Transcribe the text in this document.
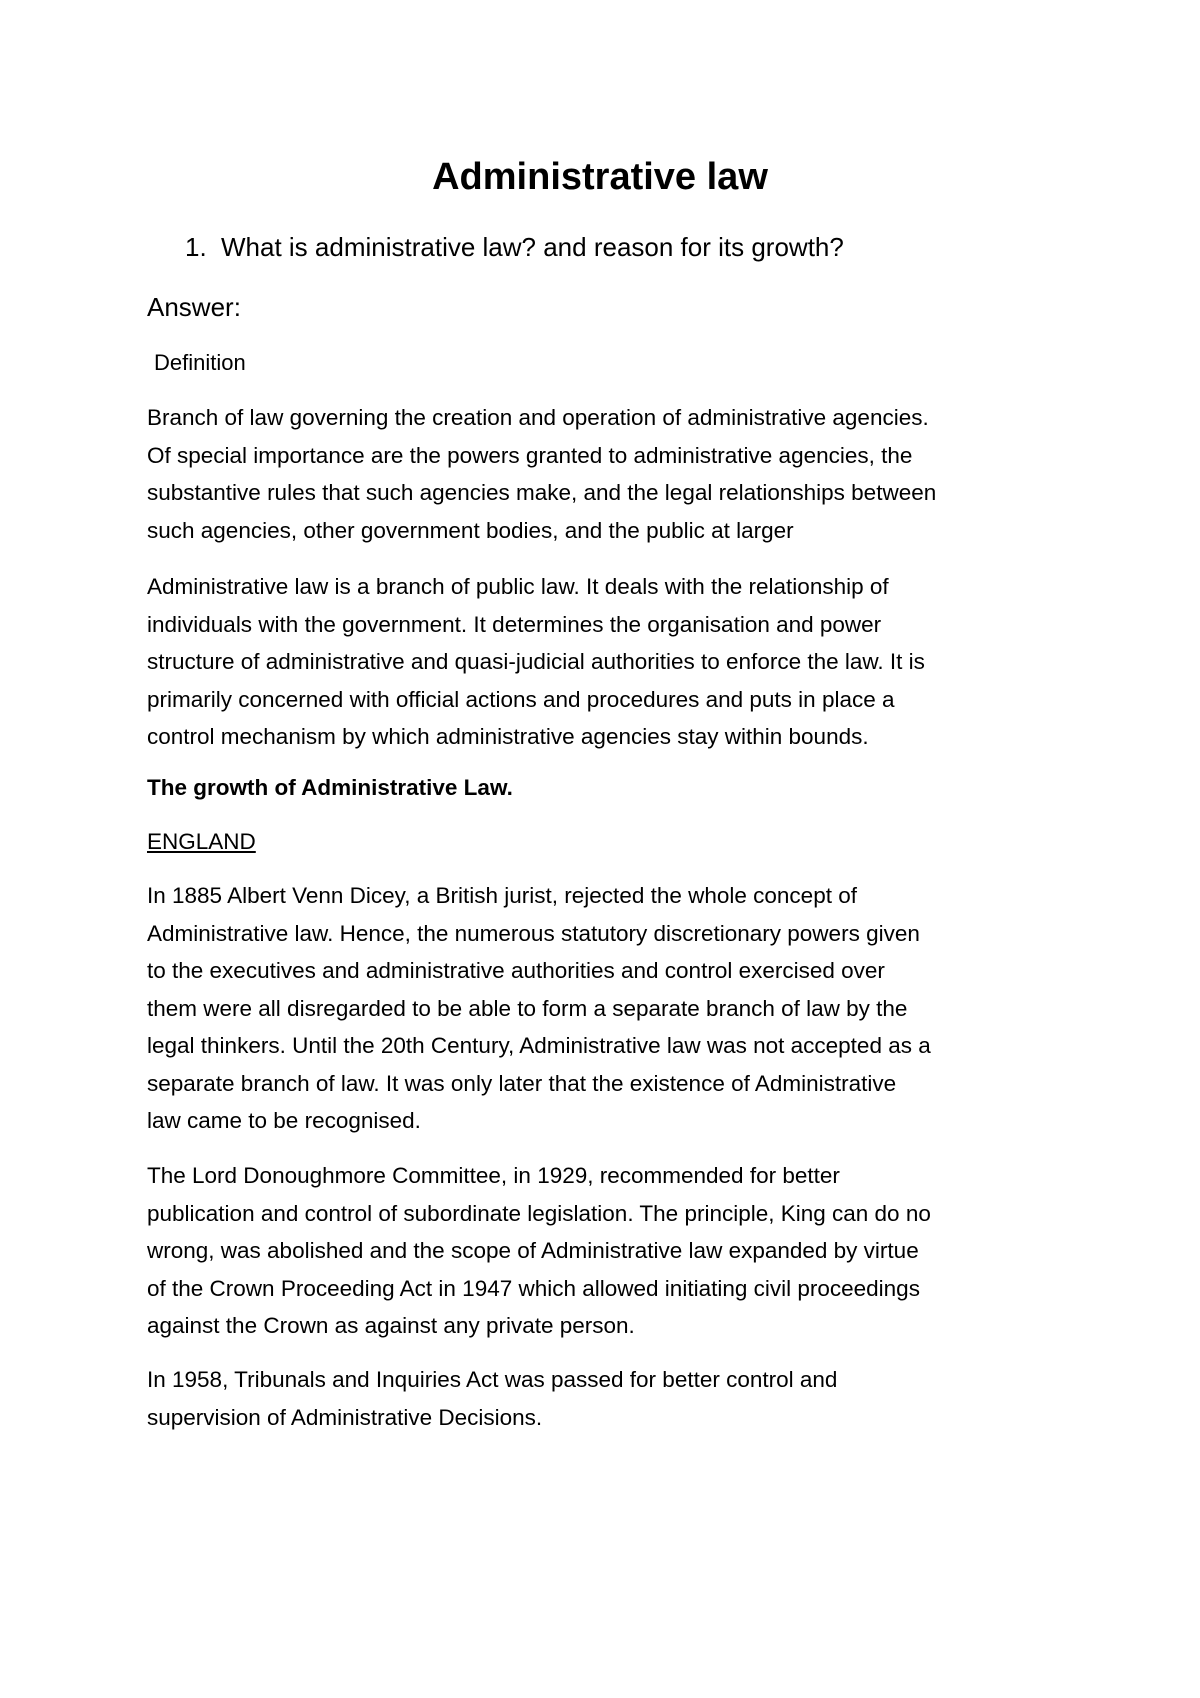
Administrative law

1. What is administrative law? and reason for its growth?

Answer:

Definition

Branch of law governing the creation and operation of administrative agencies.
Of special importance are the powers granted to administrative agencies, the
substantive rules that such agencies make, and the legal relationships between
such agencies, other government bodies, and the public at larger

Administrative law is a branch of public law. It deals with the relationship of
individuals with the government. It determines the organisation and power
structure of administrative and quasi-judicial authorities to enforce the law. It is
primarily concerned with official actions and procedures and puts in place a
control mechanism by which administrative agencies stay within bounds.

The growth of Administrative Law.

ENGLAND

In 1885 Albert Venn Dicey, a British jurist, rejected the whole concept of
Administrative law. Hence, the numerous statutory discretionary powers given
to the executives and administrative authorities and control exercised over
them were all disregarded to be able to form a separate branch of law by the
legal thinkers. Until the 20th Century, Administrative law was not accepted as a
separate branch of law. It was only later that the existence of Administrative
law came to be recognised.

The Lord Donoughmore Committee, in 1929, recommended for better
publication and control of subordinate legislation. The principle, King can do no
wrong, was abolished and the scope of Administrative law expanded by virtue
of the Crown Proceeding Act in 1947 which allowed initiating civil proceedings
against the Crown as against any private person.

In 1958, Tribunals and Inquiries Act was passed for better control and
supervision of Administrative Decisions.
